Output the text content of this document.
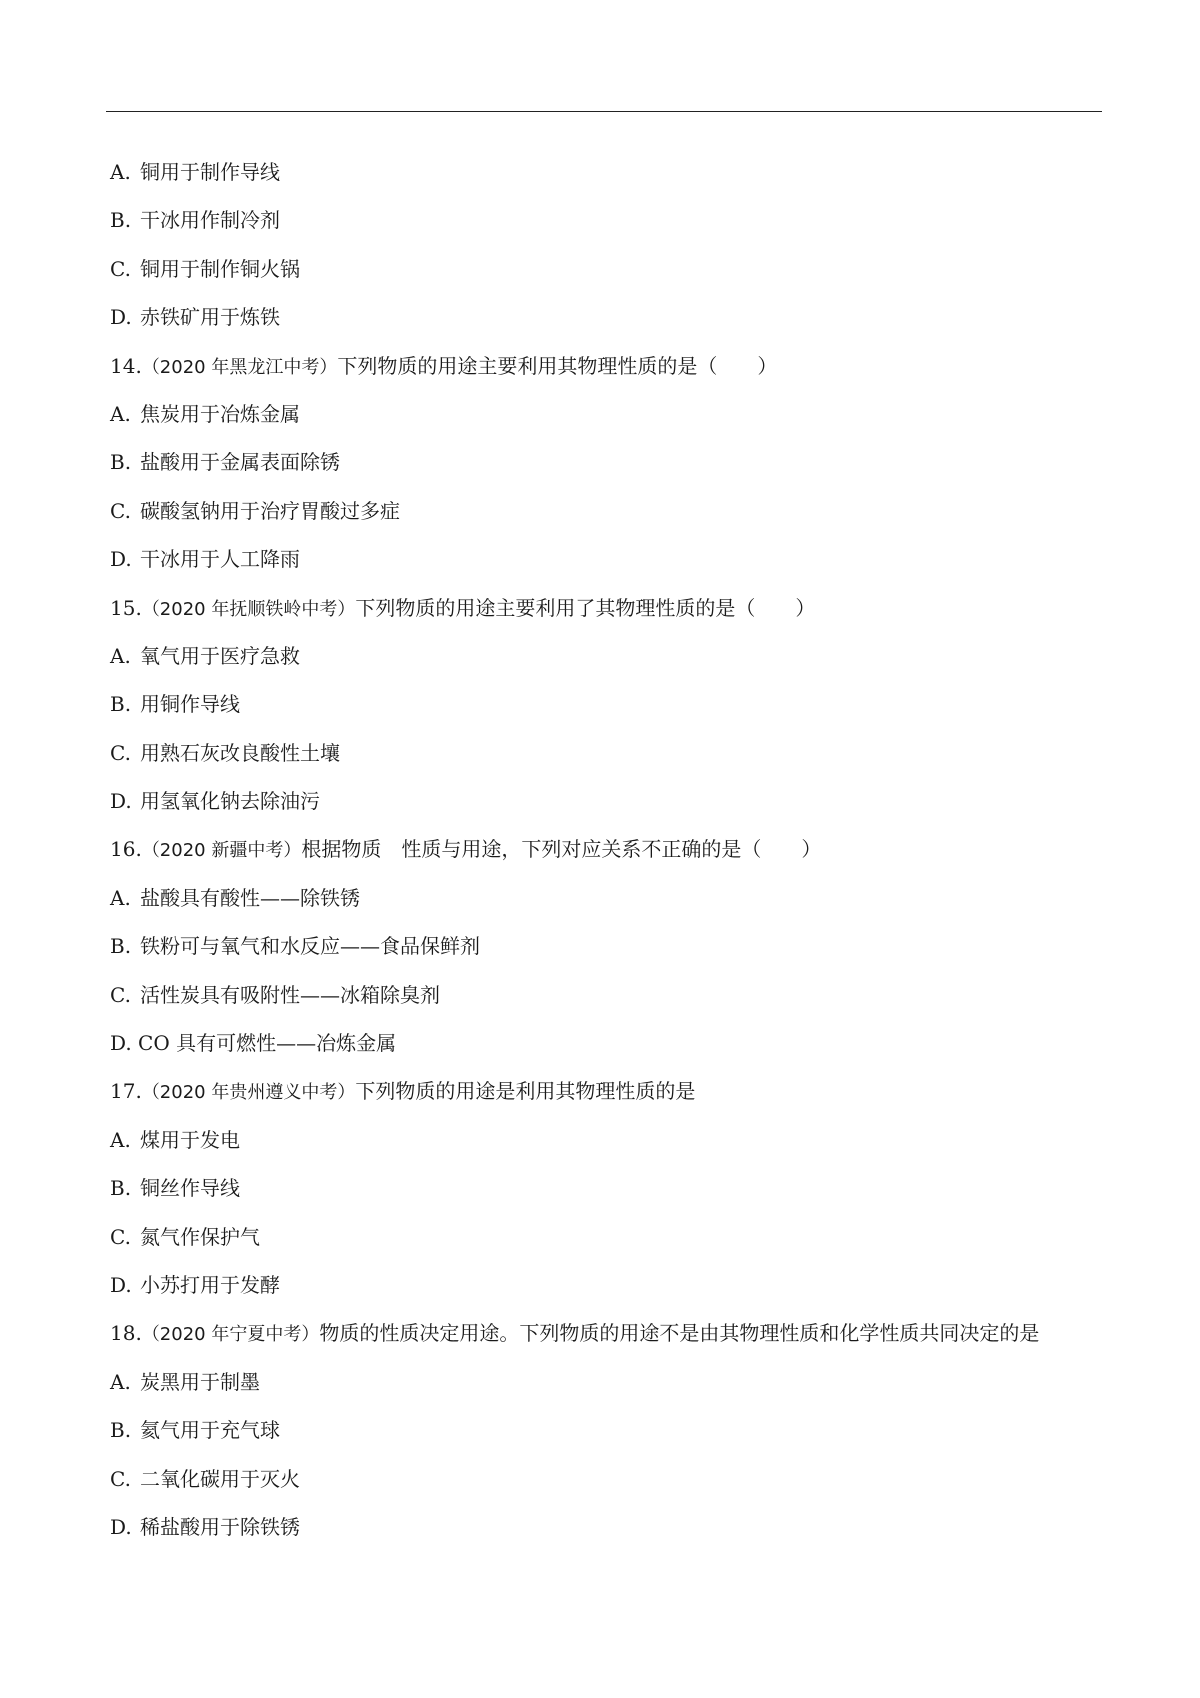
A. 铜用于制作导线
B. 干冰用作制冷剂
C. 铜用于制作铜火锅
D. 赤铁矿用于炼铁
14.（2020 年黑龙江中考）下列物质的用途主要利用其物理性质的是（　　）
A. 焦炭用于冶炼金属
B. 盐酸用于金属表面除锈
C. 碳酸氢钠用于治疗胃酸过多症
D. 干冰用于人工降雨
15.（2020 年抚顺铁岭中考）下列物质的用途主要利用了其物理性质的是（　　）
A. 氧气用于医疗急救
B. 用铜作导线
C. 用熟石灰改良酸性土壤
D. 用氢氧化钠去除油污
16.（2020 新疆中考）根据物质　性质与用途，下列对应关系不正确的是（　　）
A. 盐酸具有酸性——除铁锈
B. 铁粉可与氧气和水反应——食品保鲜剂
C. 活性炭具有吸附性——冰箱除臭剂
D. CO 具有可燃性——冶炼金属
17.（2020 年贵州遵义中考）下列物质的用途是利用其物理性质的是
A. 煤用于发电
B. 铜丝作导线
C. 氮气作保护气
D. 小苏打用于发酵
18.（2020 年宁夏中考）物质的性质决定用途。下列物质的用途不是由其物理性质和化学性质共同决定的是
A. 炭黑用于制墨
B. 氦气用于充气球
C. 二氧化碳用于灭火
D. 稀盐酸用于除铁锈
